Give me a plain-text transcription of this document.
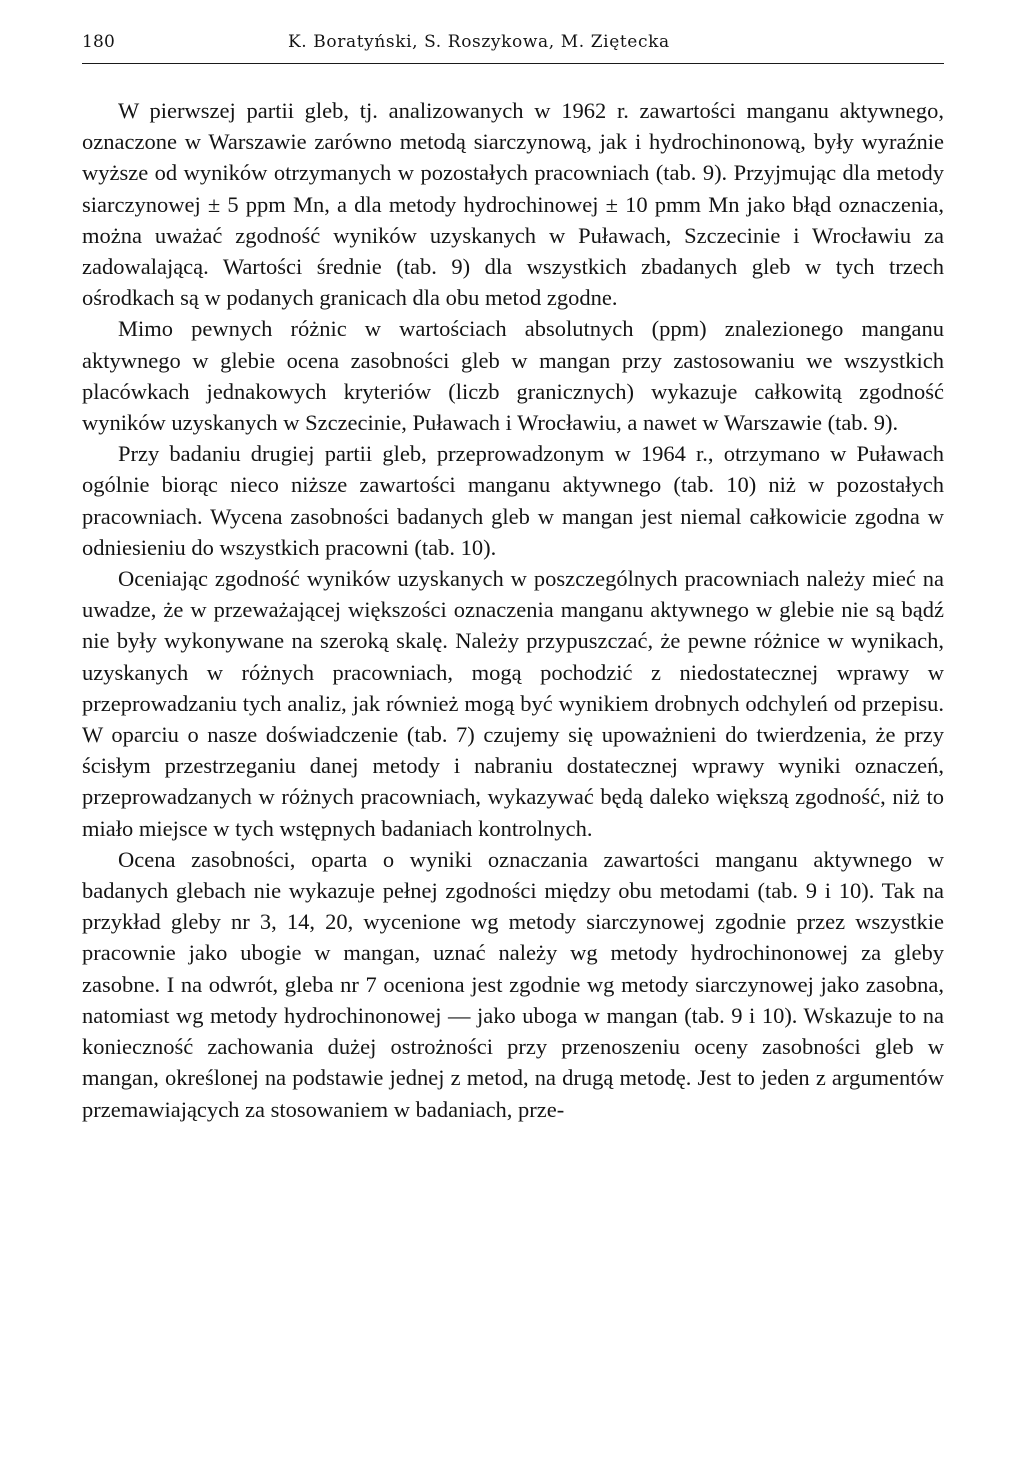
180	K. Boratyński, S. Roszykowa, M. Ziętecka

W pierwszej partii gleb, tj. analizowanych w 1962 r. zawartości manganu aktywnego, oznaczone w Warszawie zarówno metodą siarczynową, jak i hydrochinonową, były wyraźnie wyższe od wyników otrzymanych w pozostałych pracowniach (tab. 9). Przyjmując dla metody siarczynowej ± 5 ppm Mn, a dla metody hydrochinowej ± 10 pmm Mn jako błąd oznaczenia, można uważać zgodność wyników uzyskanych w Puławach, Szczecinie i Wrocławiu za zadowalającą. Wartości średnie (tab. 9) dla wszystkich zbadanych gleb w tych trzech ośrodkach są w podanych granicach dla obu metod zgodne.

Mimo pewnych różnic w wartościach absolutnych (ppm) znalezionego manganu aktywnego w glebie ocena zasobności gleb w mangan przy zastosowaniu we wszystkich placówkach jednakowych kryteriów (liczb granicznych) wykazuje całkowitą zgodność wyników uzyskanych w Szczecinie, Puławach i Wrocławiu, a nawet w Warszawie (tab. 9).

Przy badaniu drugiej partii gleb, przeprowadzonym w 1964 r., otrzymano w Puławach ogólnie biorąc nieco niższe zawartości manganu aktywnego (tab. 10) niż w pozostałych pracowniach. Wycena zasobności badanych gleb w mangan jest niemal całkowicie zgodna w odniesieniu do wszystkich pracowni (tab. 10).

Oceniając zgodność wyników uzyskanych w poszczególnych pracowniach należy mieć na uwadze, że w przeważającej większości oznaczenia manganu aktywnego w glebie nie są bądź nie były wykonywane na szeroką skalę. Należy przypuszczać, że pewne różnice w wynikach, uzyskanych w różnych pracowniach, mogą pochodzić z niedostatecznej wprawy w przeprowadzaniu tych analiz, jak również mogą być wynikiem drobnych odchyleń od przepisu. W oparciu o nasze doświadczenie (tab. 7) czujemy się upoważnieni do twierdzenia, że przy ścisłym przestrzeganiu danej metody i nabraniu dostatecznej wprawy wyniki oznaczeń, przeprowadzanych w różnych pracowniach, wykazywać będą daleko większą zgodność, niż to miało miejsce w tych wstępnych badaniach kontrolnych.

Ocena zasobności, oparta o wyniki oznaczania zawartości manganu aktywnego w badanych glebach nie wykazuje pełnej zgodności między obu metodami (tab. 9 i 10). Tak na przykład gleby nr 3, 14, 20, wycenione wg metody siarczynowej zgodnie przez wszystkie pracownie jako ubogie w mangan, uznać należy wg metody hydrochinonowej za gleby zasobne. I na odwrót, gleba nr 7 oceniona jest zgodnie wg metody siarczynowej jako zasobna, natomiast wg metody hydrochinonowej — jako uboga w mangan (tab. 9 i 10). Wskazuje to na konieczność zachowania dużej ostrożności przy przenoszeniu oceny zasobności gleb w mangan, określonej na podstawie jednej z metod, na drugą metodę. Jest to jeden z argumentów przemawiających za stosowaniem w badaniach, prze-
